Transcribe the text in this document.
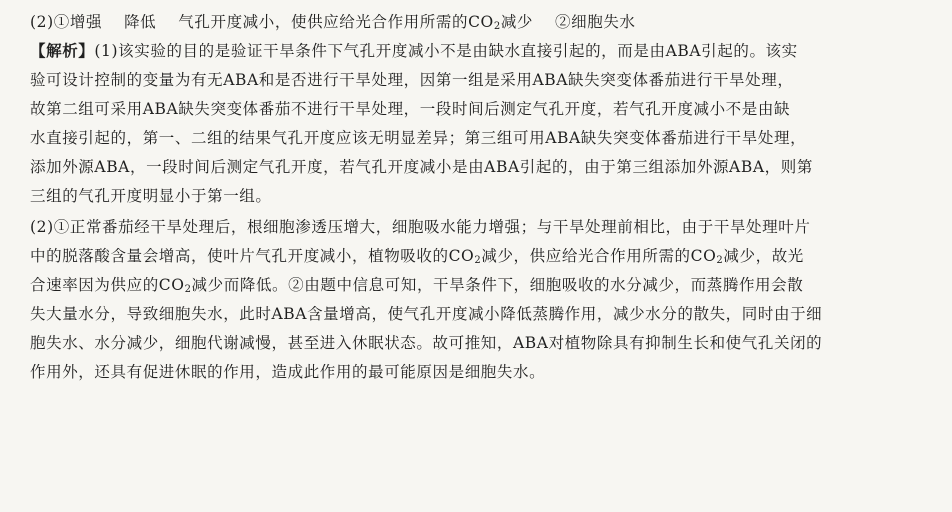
(2)①增强 降低 气孔开度减小，使供应给光合作用所需的$CO_2$减少 ②细胞失水
【解析】(1)该实验的目的是验证干旱条件下气孔开度减小不是由缺水直接引起的，而是由ABA引起的。该实
验可设计控制的变量为有无ABA和是否进行干旱处理，因第一组是采用ABA缺失突变体番茄进行干旱处理，
故第二组可采用ABA缺失突变体番茄不进行干旱处理，一段时间后测定气孔开度，若气孔开度减小不是由缺
水直接引起的，第一、二组的结果气孔开度应该无明显差异；第三组可用ABA缺失突变体番茄进行干旱处理，
添加外源ABA，一段时间后测定气孔开度，若气孔开度减小是由ABA引起的，由于第三组添加外源ABA，则第
三组的气孔开度明显小于第一组。
(2)①正常番茄经干旱处理后，根细胞渗透压增大，细胞吸水能力增强；与干旱处理前相比，由于干旱处理叶片
中的脱落酸含量会增高，使叶片气孔开度减小，植物吸收的$CO_2$减少，供应给光合作用所需的$CO_2$减少，故光
合速率因为供应的$CO_2$减少而降低。②由题中信息可知，干旱条件下，细胞吸收的水分减少，而蒸腾作用会散
失大量水分，导致细胞失水，此时ABA含量增高，使气孔开度减小降低蒸腾作用，减少水分的散失，同时由于细
胞失水、水分减少，细胞代谢减慢，甚至进入休眠状态。故可推知，ABA对植物除具有抑制生长和使气孔关闭的
作用外，还具有促进休眠的作用，造成此作用的最可能原因是细胞失水。
